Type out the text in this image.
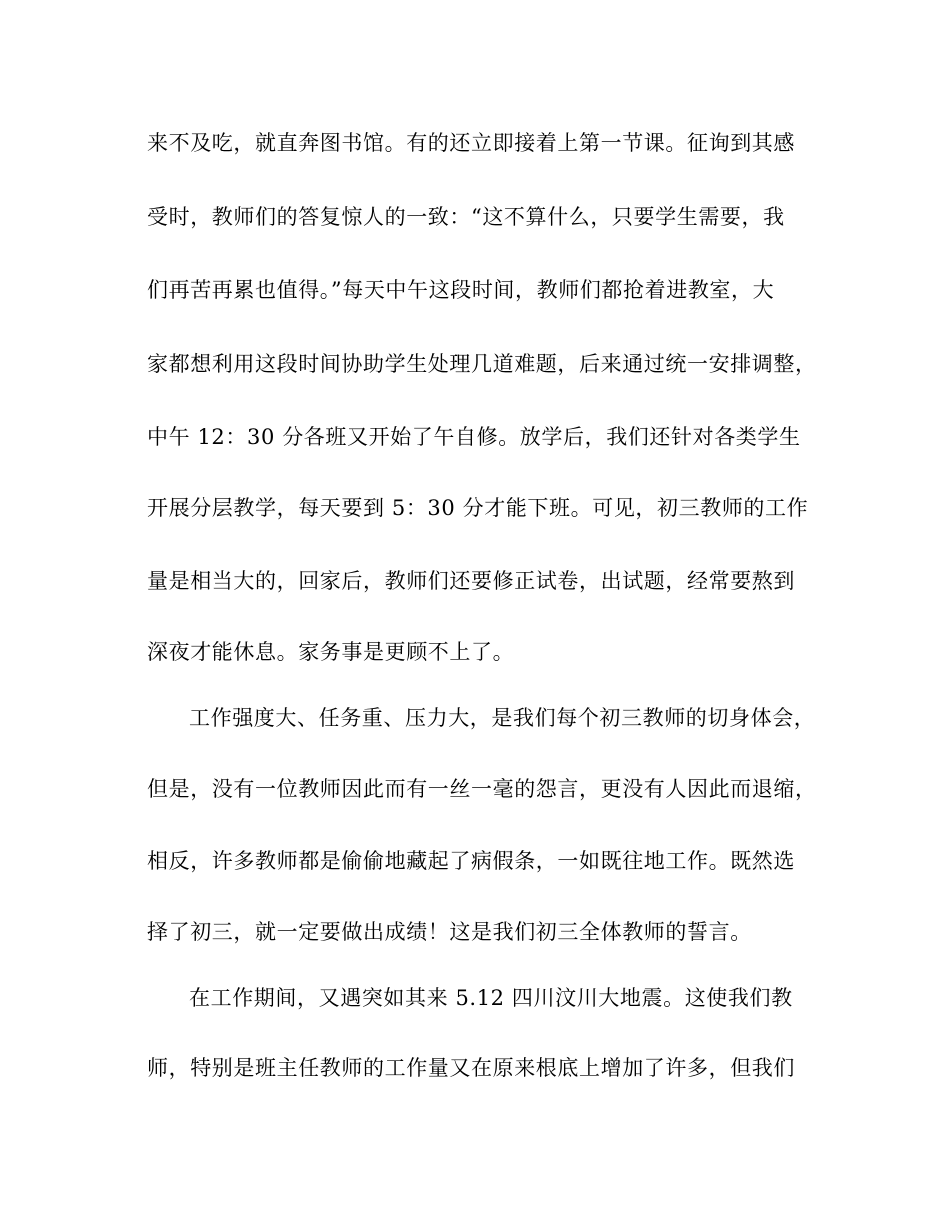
来不及吃，就直奔图书馆。有的还立即接着上第一节课。征询到其感
受时，教师们的答复惊人的一致：“这不算什么，只要学生需要，我
们再苦再累也值得。”每天中午这段时间，教师们都抢着进教室，大
家都想利用这段时间协助学生处理几道难题，后来通过统一安排调整，
中午 12：30 分各班又开始了午自修。放学后，我们还针对各类学生
开展分层教学，每天要到 5：30 分才能下班。可见，初三教师的工作
量是相当大的，回家后，教师们还要修正试卷，出试题，经常要熬到
深夜才能休息。家务事是更顾不上了。
工作强度大、任务重、压力大，是我们每个初三教师的切身体会，
但是，没有一位教师因此而有一丝一毫的怨言，更没有人因此而退缩，
相反，许多教师都是偷偷地藏起了病假条，一如既往地工作。既然选
择了初三，就一定要做出成绩！这是我们初三全体教师的誓言。
在工作期间，又遇突如其来 5.12 四川汶川大地震。这使我们教
师，特别是班主任教师的工作量又在原来根底上增加了许多，但我们
